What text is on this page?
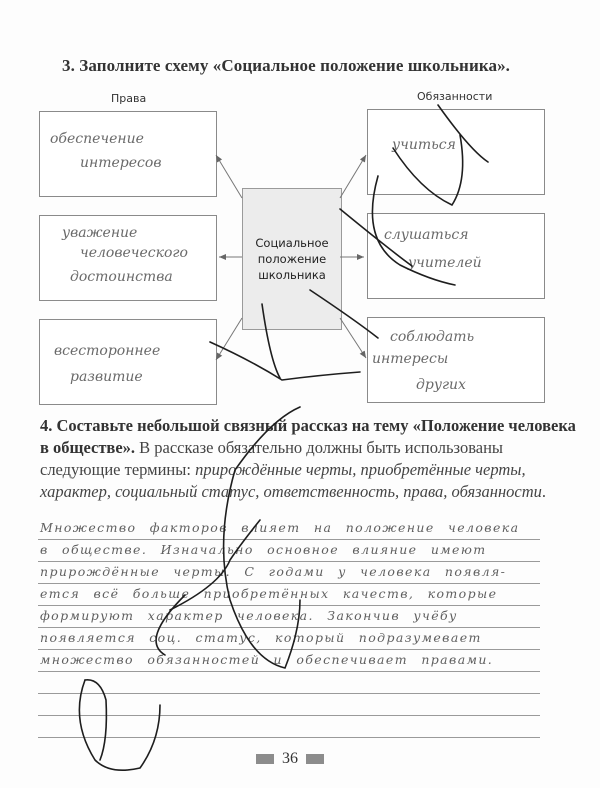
3. Заполните схему «Социальное положение школьника».
Права	Обязанности
обеспечение
интересов
уважение
человеческого
достоинства
всестороннее
развитие
Социальное
положение
школьника
учиться
слушаться
учителей
соблюдать
интересы
других
4. Составьте небольшой связный рассказ на тему «Положение человека в обществе». В рассказе обязательно должны быть использованы следующие термины: прирождённые черты, приобретённые черты, характер, социальный статус, ответственность, права, обязанности.
Множество факторов влияет на положение человека
в обществе. Изначально основное влияние имеют
прирождённые черты. С годами у человека появля-
ется всё больше приобретённых качеств, которые
формируют характер человека. Закончив учёбу
появляется соц. статус, который подразумевает
множество обязанностей и обеспечивает правами.
36
